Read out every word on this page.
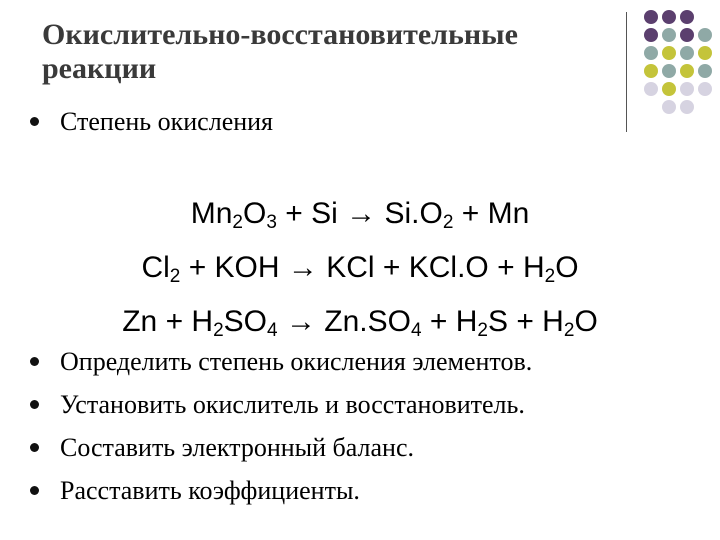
Окислительно-восстановительные
реакции
Степень окисления
$Mn_2O_3 + Si \to Si.O_2 + Mn$
$Cl_2$ + KOH → KCl + $KCl.O + H_2O$
$Zn + H_2SO_4 \to Zn.SO_4 + H_2S + H_2O$
Определить степень окисления элементов.
Установить окислитель и восстановитель.
Составить электронный баланс.
Расставить коэффициенты.
